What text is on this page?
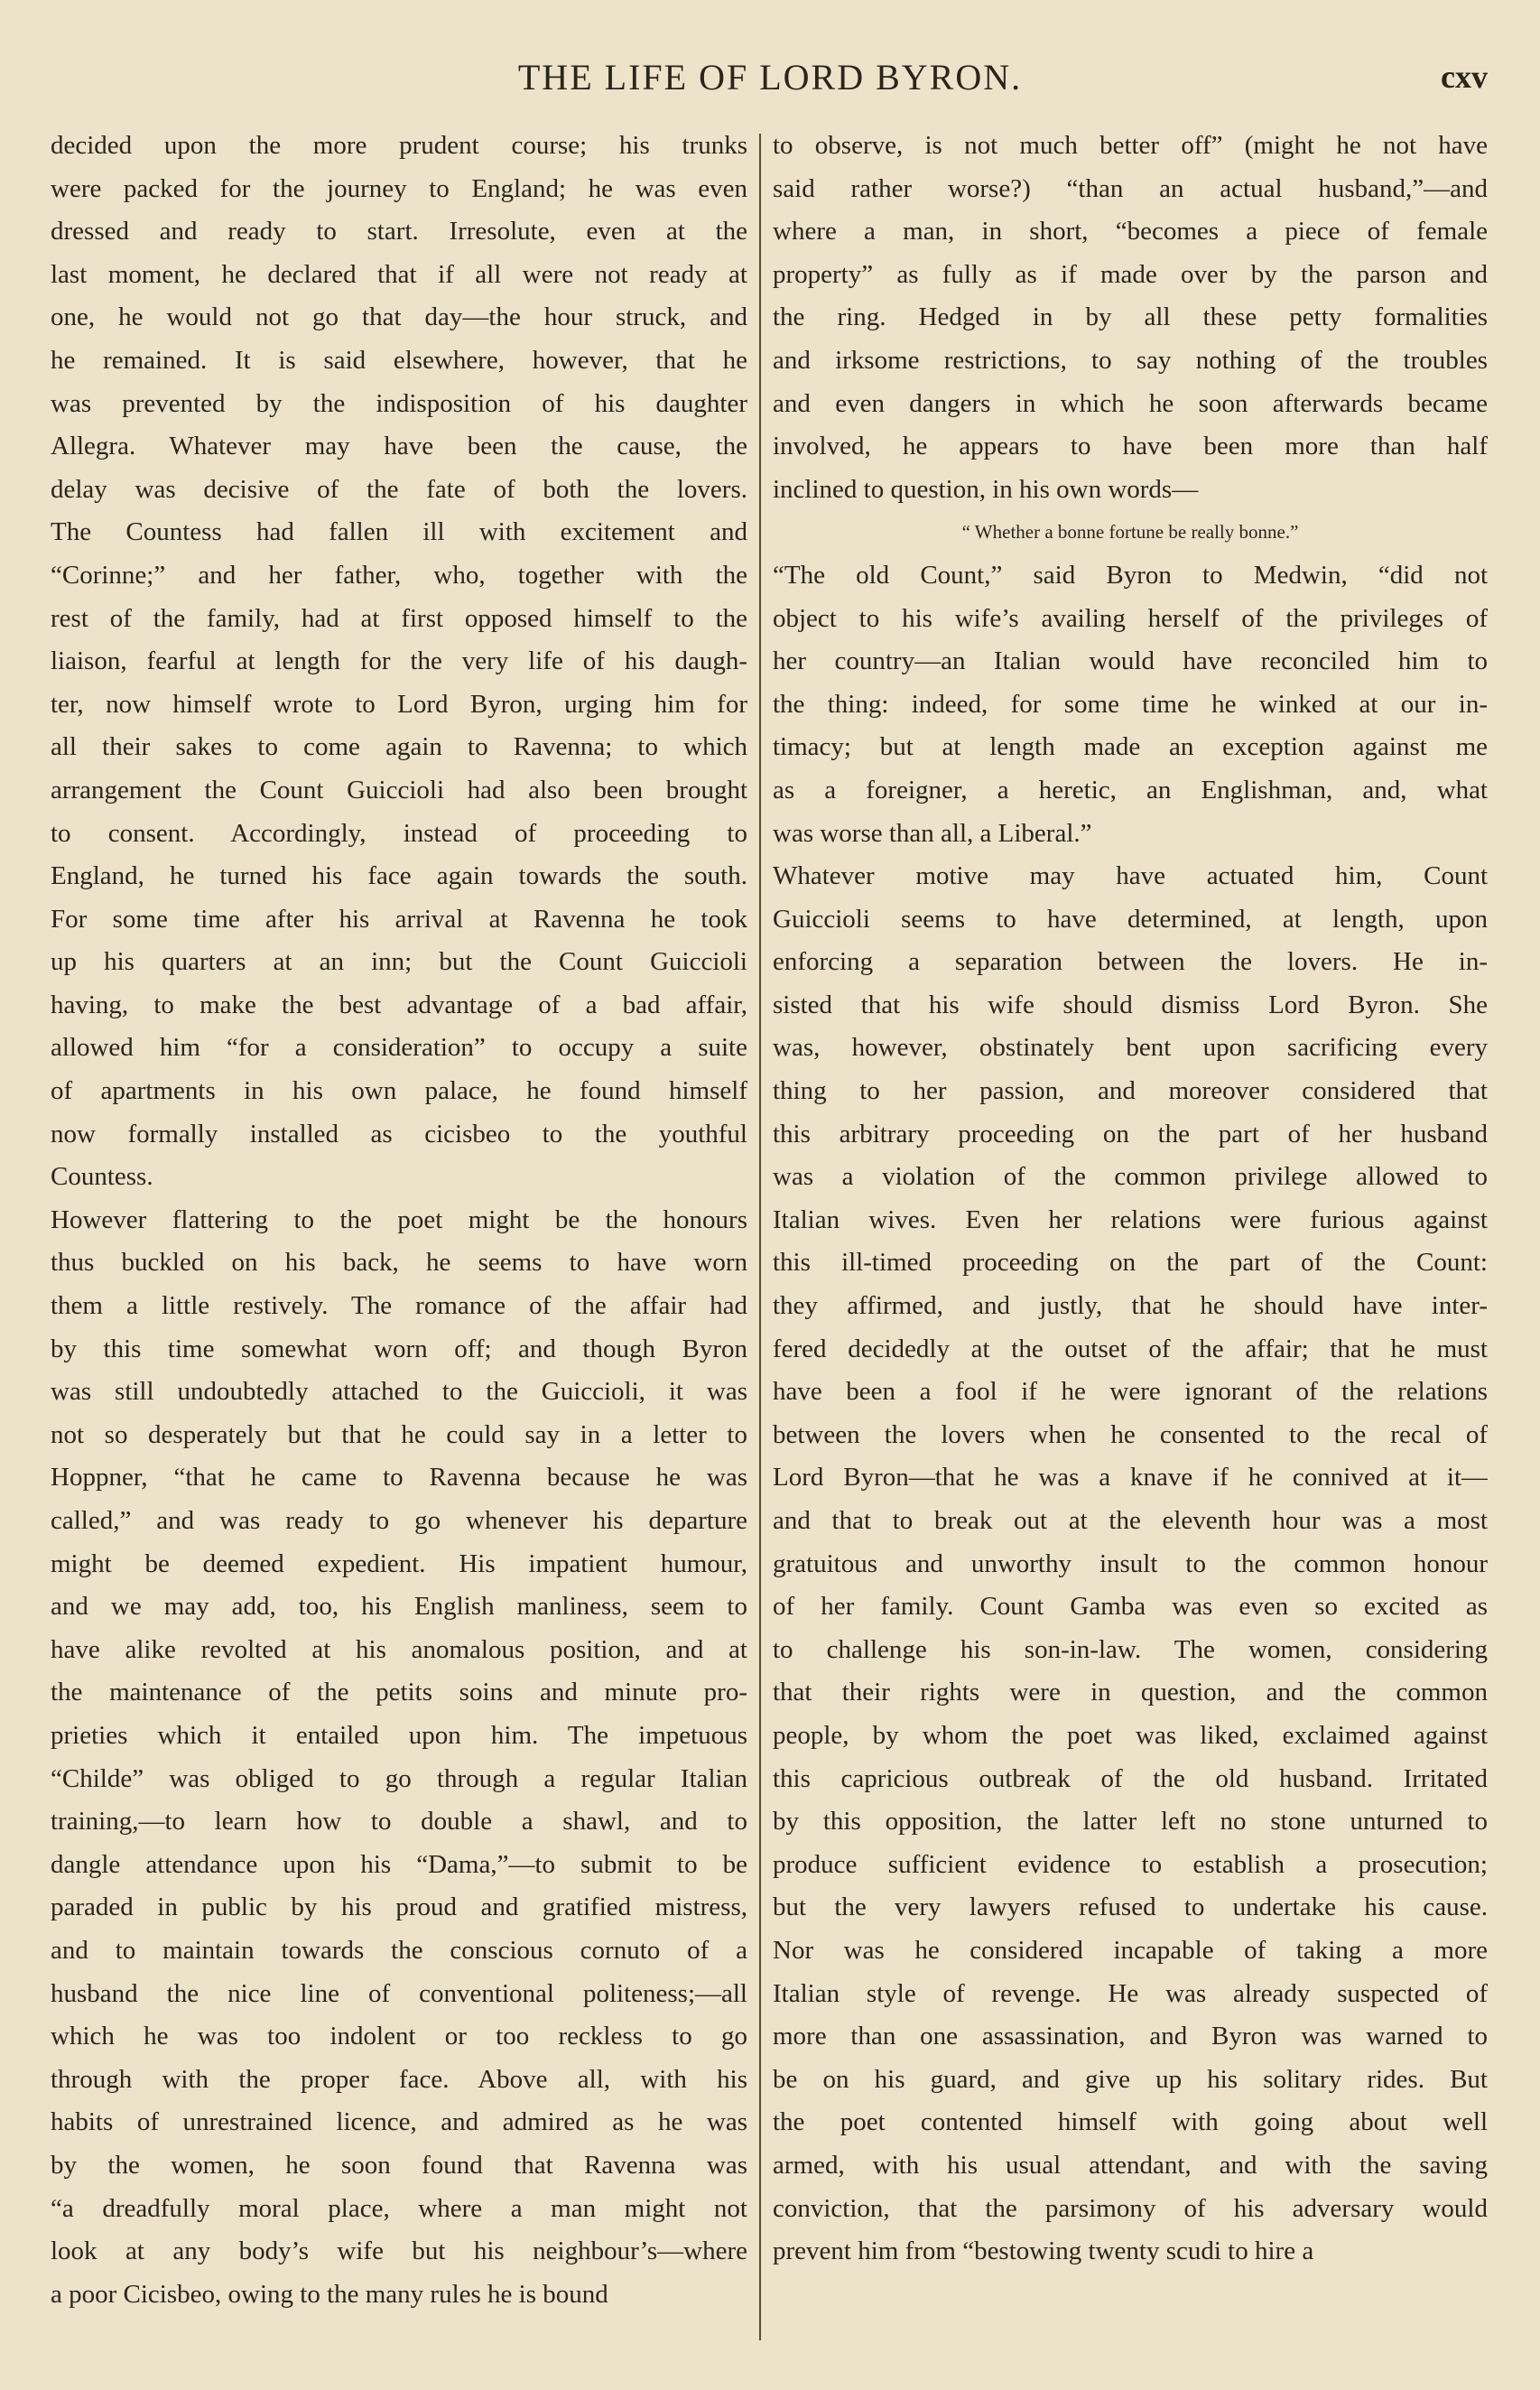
THE LIFE OF LORD BYRON.	cxv
decided upon the more prudent course; his trunks
were packed for the journey to England; he was even
dressed and ready to start. Irresolute, even at the
last moment, he declared that if all were not ready at
one, he would not go that day—the hour struck, and
he remained. It is said elsewhere, however, that he
was prevented by the indisposition of his daughter
Allegra. Whatever may have been the cause, the
delay was decisive of the fate of both the lovers.
The Countess had fallen ill with excitement and
“Corinne;” and her father, who, together with the
rest of the family, had at first opposed himself to the
liaison, fearful at length for the very life of his daugh-
ter, now himself wrote to Lord Byron, urging him for
all their sakes to come again to Ravenna; to which
arrangement the Count Guiccioli had also been brought
to consent. Accordingly, instead of proceeding to
England, he turned his face again towards the south.
For some time after his arrival at Ravenna he took
up his quarters at an inn; but the Count Guiccioli
having, to make the best advantage of a bad affair,
allowed him “for a consideration” to occupy a suite
of apartments in his own palace, he found himself
now formally installed as cicisbeo to the youthful
Countess.
However flattering to the poet might be the honours
thus buckled on his back, he seems to have worn
them a little restively. The romance of the affair had
by this time somewhat worn off; and though Byron
was still undoubtedly attached to the Guiccioli, it was
not so desperately but that he could say in a letter to
Hoppner, “that he came to Ravenna because he was
called,” and was ready to go whenever his departure
might be deemed expedient. His impatient humour,
and we may add, too, his English manliness, seem to
have alike revolted at his anomalous position, and at
the maintenance of the petits soins and minute pro-
prieties which it entailed upon him. The impetuous
“Childe” was obliged to go through a regular Italian
training,—to learn how to double a shawl, and to
dangle attendance upon his “Dama,”—to submit to be
paraded in public by his proud and gratified mistress,
and to maintain towards the conscious cornuto of a
husband the nice line of conventional politeness;—all
which he was too indolent or too reckless to go
through with the proper face. Above all, with his
habits of unrestrained licence, and admired as he was
by the women, he soon found that Ravenna was
“a dreadfully moral place, where a man might not
look at any body’s wife but his neighbour’s—where
a poor Cicisbeo, owing to the many rules he is bound
to observe, is not much better off” (might he not have
said rather worse?) “than an actual husband,”—and
where a man, in short, “becomes a piece of female
property” as fully as if made over by the parson and
the ring. Hedged in by all these petty formalities
and irksome restrictions, to say nothing of the troubles
and even dangers in which he soon afterwards became
involved, he appears to have been more than half
inclined to question, in his own words—
“ Whether a bonne fortune be really bonne.”
“The old Count,” said Byron to Medwin, “did not
object to his wife’s availing herself of the privileges of
her country—an Italian would have reconciled him to
the thing: indeed, for some time he winked at our in-
timacy; but at length made an exception against me
as a foreigner, a heretic, an Englishman, and, what
was worse than all, a Liberal.”
Whatever motive may have actuated him, Count
Guiccioli seems to have determined, at length, upon
enforcing a separation between the lovers. He in-
sisted that his wife should dismiss Lord Byron. She
was, however, obstinately bent upon sacrificing every
thing to her passion, and moreover considered that
this arbitrary proceeding on the part of her husband
was a violation of the common privilege allowed to
Italian wives. Even her relations were furious against
this ill-timed proceeding on the part of the Count:
they affirmed, and justly, that he should have inter-
fered decidedly at the outset of the affair; that he must
have been a fool if he were ignorant of the relations
between the lovers when he consented to the recal of
Lord Byron—that he was a knave if he connived at it—
and that to break out at the eleventh hour was a most
gratuitous and unworthy insult to the common honour
of her family. Count Gamba was even so excited as
to challenge his son-in-law. The women, considering
that their rights were in question, and the common
people, by whom the poet was liked, exclaimed against
this capricious outbreak of the old husband. Irritated
by this opposition, the latter left no stone unturned to
produce sufficient evidence to establish a prosecution;
but the very lawyers refused to undertake his cause.
Nor was he considered incapable of taking a more
Italian style of revenge. He was already suspected of
more than one assassination, and Byron was warned to
be on his guard, and give up his solitary rides. But
the poet contented himself with going about well
armed, with his usual attendant, and with the saving
conviction, that the parsimony of his adversary would
prevent him from “bestowing twenty scudi to hire a
